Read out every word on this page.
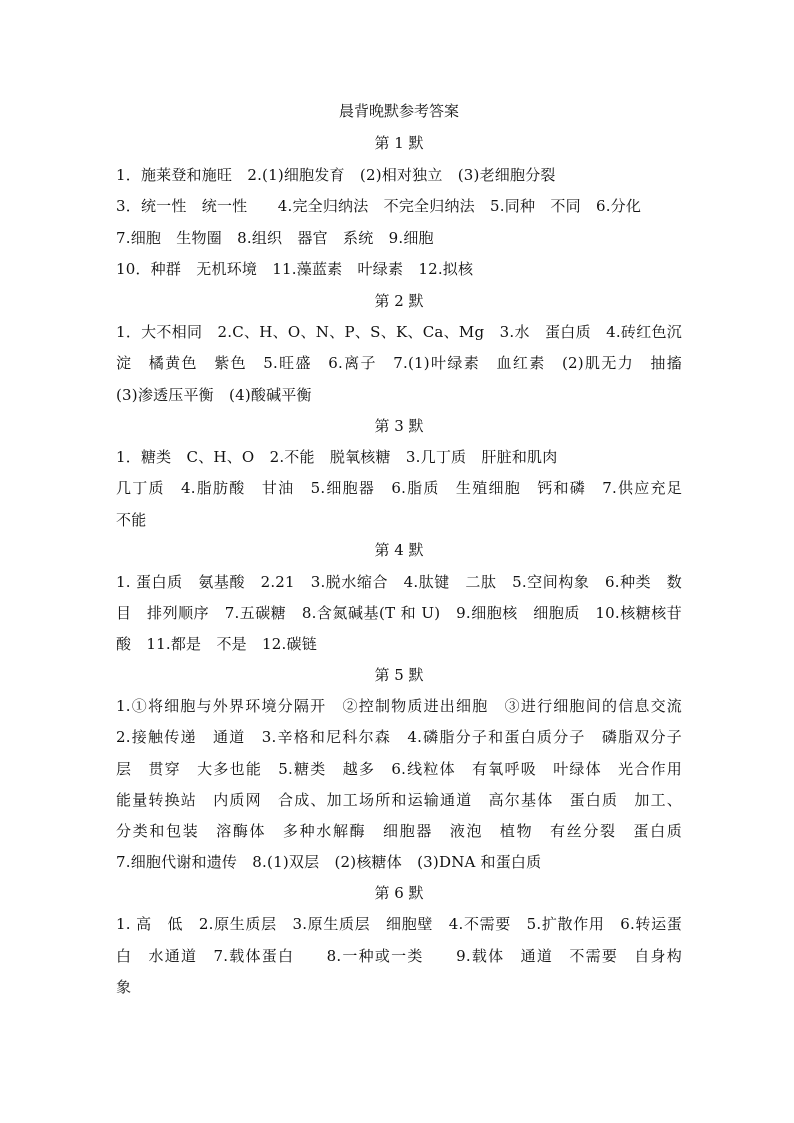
晨背晚默参考答案
第 1 默
1．施莱登和施旺　2.(1)细胞发育　(2)相对独立　(3)老细胞分裂
3．统一性　统一性　　4.完全归纳法　不完全归纳法　5.同种　不同　6.分化
7.细胞　生物圈　8.组织　器官　系统　9.细胞
10．种群　无机环境　11.藻蓝素　叶绿素　12.拟核
第 2 默
1．大不相同　2.C、H、O、N、P、S、K、Ca、Mg　3.水　蛋白质　4.砖红色沉
淀　橘黄色　紫色　5.旺盛　6.离子　7.(1)叶绿素　血红素　(2)肌无力　抽搐
(3)渗透压平衡　(4)酸碱平衡
第 3 默
1．糖类　C、H、O　2.不能　脱氧核糖　3.几丁质　肝脏和肌肉
几丁质　4.脂肪酸　甘油　5.细胞器　6.脂质　生殖细胞　钙和磷　7.供应充足
不能
第 4 默
1. 蛋白质　氨基酸　2.21　3.脱水缩合　4.肽键　二肽　5.空间构象　6.种类　数
目　排列顺序　7.五碳糖　8.含氮碱基(T 和 U)　9.细胞核　细胞质　10.核糖核苷
酸　11.都是　不是　12.碳链
第 5 默
1.①将细胞与外界环境分隔开　②控制物质进出细胞　③进行细胞间的信息交流
2.接触传递　通道　3.辛格和尼科尔森　4.磷脂分子和蛋白质分子　磷脂双分子
层　贯穿　大多也能　5.糖类　越多　6.线粒体　有氧呼吸　叶绿体　光合作用
能量转换站　内质网　合成、加工场所和运输通道　高尔基体　蛋白质　加工、
分类和包装　溶酶体　多种水解酶　细胞器　液泡　植物　有丝分裂　蛋白质
7.细胞代谢和遗传　8.(1)双层　(2)核糖体　(3)DNA 和蛋白质
第 6 默
1. 高　低　2.原生质层　3.原生质层　细胞壁　4.不需要　5.扩散作用　6.转运蛋
白　水通道　7.载体蛋白　　8.一种或一类　　9.载体　通道　不需要　自身构
象
